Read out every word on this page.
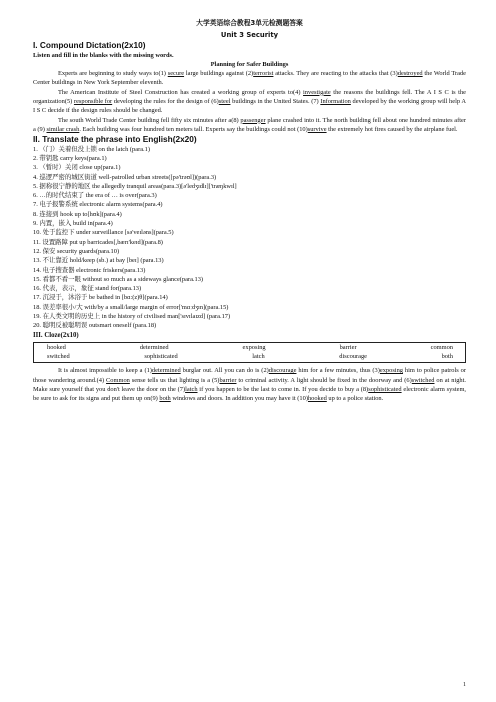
大学英语综合教程3单元检测题答案

Unit 3 Security

I. Compound Dictation(2x10)

Listen and fill in the blanks with the missing words.

Planning for Safer Buildings

Experts are beginning to study ways to(1) secure large buildings against (2)terrorist attacks. They are reacting to the attacks that (3)destroyed the World Trade Center buildings in New York September eleventh.

The American Institute of Steel Construction has created a working group of experts to(4) investigate the reasons the buildings fell. The A I S C is the organization(5) responsible for developing the rules for the design of (6)steel buildings in the United States. (7) Information developed by the working group will help A I S C decide if the design rules should be changed.

The south World Trade Center building fell fifty six minutes after a(8) passenger plane crashed into it. The north building fell about one hundred minutes after a (9) similar crash. Each building was four hundred ten meters tall. Experts say the buildings could not (10)survive the extremely hot fires caused by the airplane fuel.

II. Translate the phrase into English(2x20)

1. （门）关着但没上锁 on the latch (para.1)

2. 带钥匙 carry keys(para.1)

3. （暂时）关闭 close up(para.1)

4. 巡逻严密的城区街道 well-patrolled urban streets([pə'trəʊl])(para.3)

5. 据称很宁静的地区 the allegedly tranquil areas(para.3)[ə'ledʒɪdlɪ]['træŋkwɪl]

6. …的时代结束了 the era of … is over(para.3)

7. 电子报警系统 electronic alarm systems(para.4)

8. 连接到 hook up to[hʊk](para.4)

9. 内置，嵌入 build in(para.4)

10. 处于监控下 under surveillance [sə'veɪləns](para.5)

11. 设置路障 put up barricades[,bærɪ'keɪd](para.8)

12. 保安 security guards(para.10)

13. 不让靠近 hold/keep (sb.) at bay [beɪ] (para.13)

14. 电子搜查器 electronic friskers(para.13)

15. 看都不看一眼 without so much as a sideways glance(para.13)

16. 代表，表示，象征 stand for(para.13)

17. 沉浸于，沐浴于 be bathed in [bɑ:(z)θ](para.14)

18. 误差率很小/大 with/by a small/large margin of error['mɑːdʒɪn](para.15)

19. 在人类文明的历史上 in the history of civilised man['sɪvɪlaɪzd] (para.17)

20. 聪明反被聪明误 outsmart oneself (para.18)

III. Cloze(2x10)

hooked	determined	exposing	barrier	common
switched	sophisticated	latch	discourage	both

It is almost impossible to keep a (1)determined burglar out. All you can do is (2)discourage him for a few minutes, thus (3)exposing him to police patrols or those wandering around.(4) Common sense tells us that lighting is a (5)barrier to criminal activity. A light should be fixed in the doorway and (6)switched on at night. Make sure yourself that you don't leave the door on the (7)latch if you happen to be the last to come in. If you decide to buy a (8)sophisticated electronic alarm system, be sure to ask for its signs and put them up on(9) both windows and doors. In addition you may have it (10)hooked up to a police station.

1
